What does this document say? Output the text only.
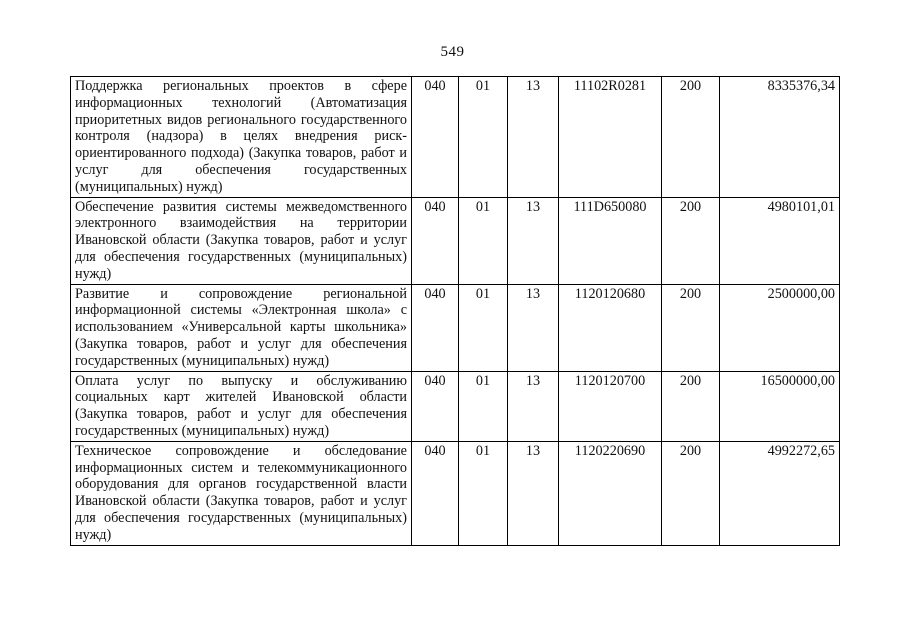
549
Поддержка региональных проектов в сфере информационных технологий (Автоматизация приоритетных видов регионального государственного контроля (надзора) в целях внедрения риск-ориентированного подхода) (Закупка товаров, работ и услуг для обеспечения государственных (муниципальных) нужд)	040	01	13	11102R0281	200	8335376,34
Обеспечение развития системы межведомственного электронного взаимодействия на территории Ивановской области (Закупка товаров, работ и услуг для обеспечения государственных (муниципальных) нужд)	040	01	13	111D650080	200	4980101,01
Развитие и сопровождение региональной информационной системы «Электронная школа» с использованием «Универсальной карты школьника» (Закупка товаров, работ и услуг для обеспечения государственных (муниципальных) нужд)	040	01	13	1120120680	200	2500000,00
Оплата услуг по выпуску и обслуживанию социальных карт жителей Ивановской области (Закупка товаров, работ и услуг для обеспечения государственных (муниципальных) нужд)	040	01	13	1120120700	200	16500000,00
Техническое сопровождение и обследование информационных систем и телекоммуникационного оборудования для органов государственной власти Ивановской области (Закупка товаров, работ и услуг для обеспечения государственных (муниципальных) нужд)	040	01	13	1120220690	200	4992272,65
